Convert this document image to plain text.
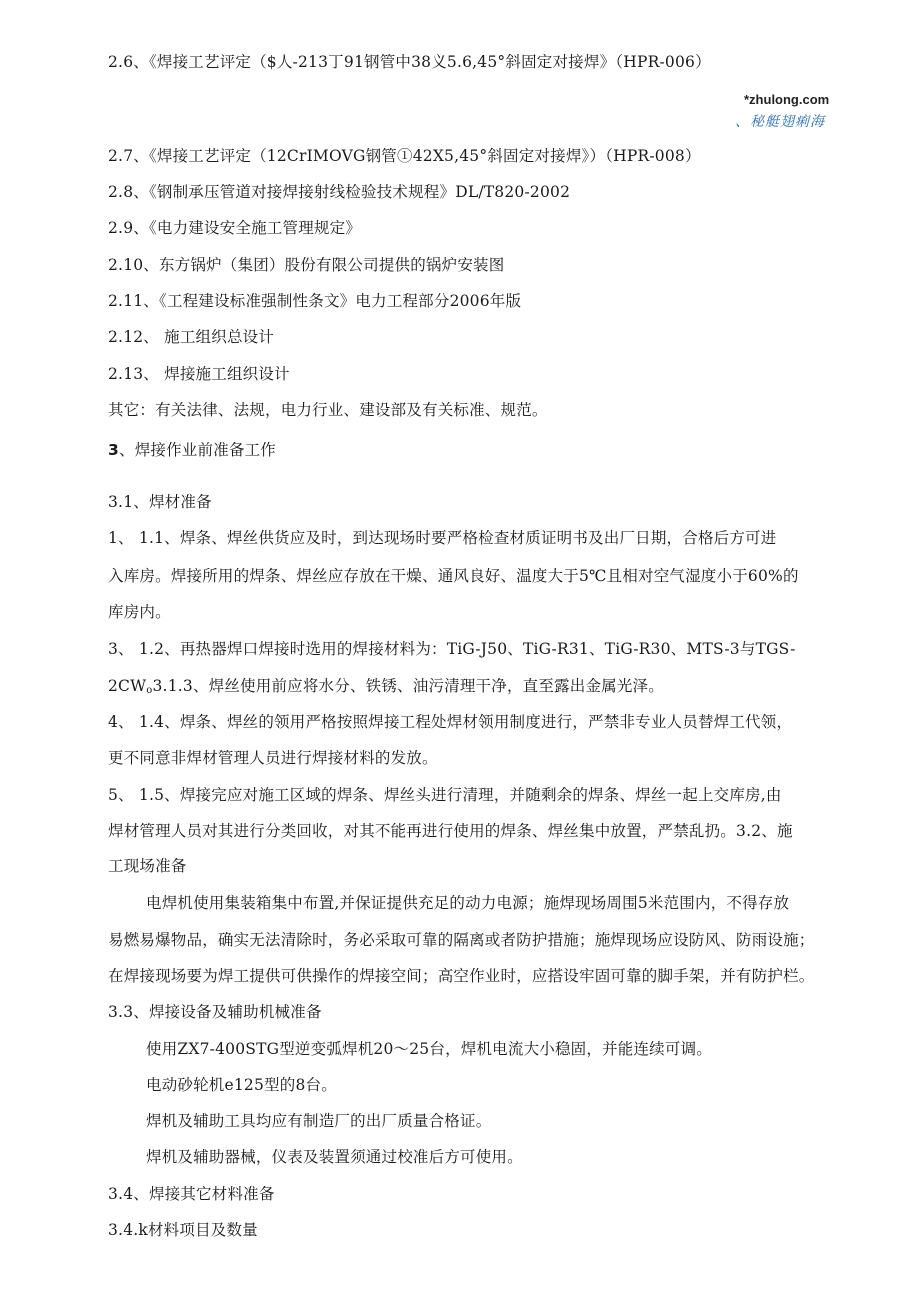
*zhulong.com
、秘艇翅痢海
2.6、《焊接工艺评定（$人-213丁91钢管中38义5.6,45°斜固定对接焊》（HPR-006）
2.7、《焊接工艺评定（12CrIMOVG钢管①42X5,45°斜固定对接焊》）（HPR-008）
2.8、《钢制承压管道对接焊接射线检验技术规程》DL/T820-2002
2.9、《电力建设安全施工管理规定》
2.10、东方锅炉（集团）股份有限公司提供的锅炉安装图
2.11、《工程建设标准强制性条文》电力工程部分2006年版
2.12、 施工组织总设计
2.13、 焊接施工组织设计
其它：有关法律、法规，电力行业、建设部及有关标准、规范。
3、焊接作业前准备工作
3.1、焊材准备
1、 1.1、焊条、焊丝供货应及时，到达现场时要严格检查材质证明书及出厂日期，合格后方可进
入库房。焊接所用的焊条、焊丝应存放在干燥、通风良好、温度大于5℃且相对空气湿度小于60%的
库房内。
3、 1.2、再热器焊口焊接时选用的焊接材料为：TiG-J50、TiG-R31、TiG-R30、MTS-3与TGS-
$2CW_o3.1.3$、焊丝使用前应将水分、铁锈、油污清理干净，直至露出金属光泽。
4、 1.4、焊条、焊丝的领用严格按照焊接工程处焊材领用制度进行，严禁非专业人员替焊工代领，
更不同意非焊材管理人员进行焊接材料的发放。
5、 1.5、焊接完应对施工区域的焊条、焊丝头进行清理，并随剩余的焊条、焊丝一起上交库房,由
焊材管理人员对其进行分类回收，对其不能再进行使用的焊条、焊丝集中放置，严禁乱扔。3.2、施
工现场准备
电焊机使用集装箱集中布置,并保证提供充足的动力电源；施焊现场周围5米范围内，不得存放
易燃易爆物品，确实无法清除时，务必采取可靠的隔离或者防护措施；施焊现场应设防风、防雨设施；
在焊接现场要为焊工提供可供操作的焊接空间；高空作业时，应搭设牢固可靠的脚手架，并有防护栏。
3.3、焊接设备及辅助机械准备
使用ZX7-400STG型逆变弧焊机20～25台，焊机电流大小稳固，并能连续可调。
电动砂轮机e125型的8台。
焊机及辅助工具均应有制造厂的出厂质量合格证。
焊机及辅助器械，仪表及装置须通过校准后方可使用。
3.4、焊接其它材料准备
3.4.k材料项目及数量
